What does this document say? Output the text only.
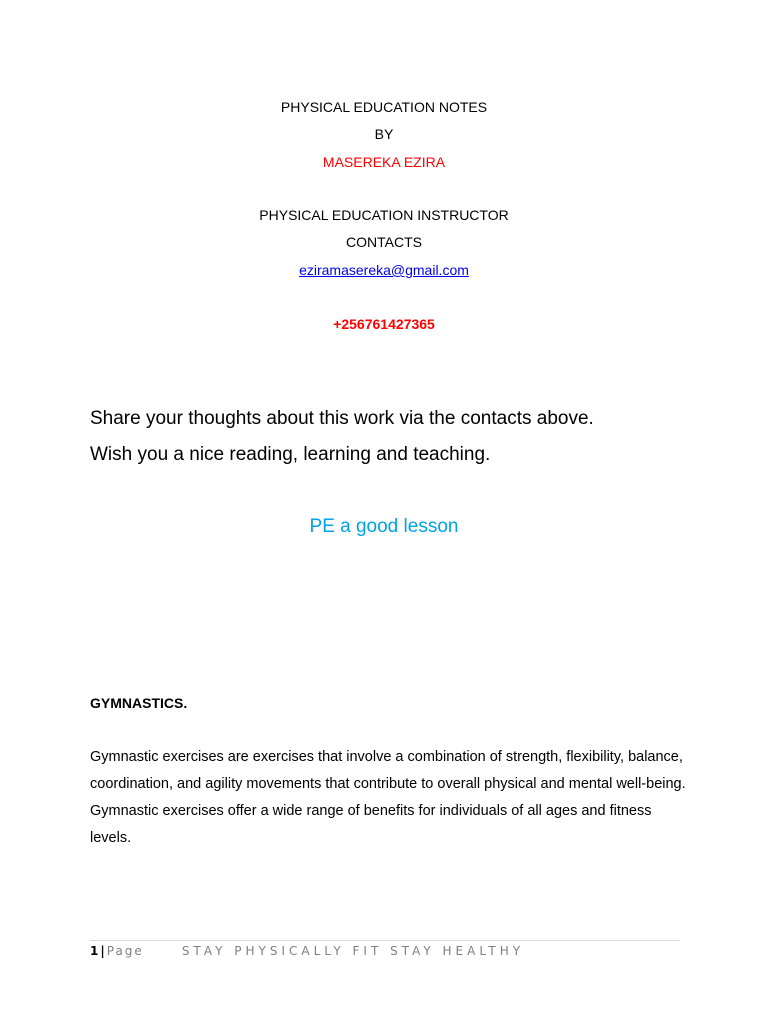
PHYSICAL EDUCATION NOTES
BY
MASEREKA EZIRA
PHYSICAL EDUCATION INSTRUCTOR
CONTACTS
eziramasereka@gmail.com
+256761427365
Share your thoughts about this work via the contacts above.
Wish you a nice reading, learning and teaching.
PE a good lesson
GYMNASTICS.
Gymnastic exercises are exercises that involve a combination of strength, flexibility, balance, coordination, and agility movements that contribute to overall physical and mental well-being. Gymnastic exercises offer a wide range of benefits for individuals of all ages and fitness levels.
1 | Page	STAY PHYSICALLY FIT STAY HEALTHY
